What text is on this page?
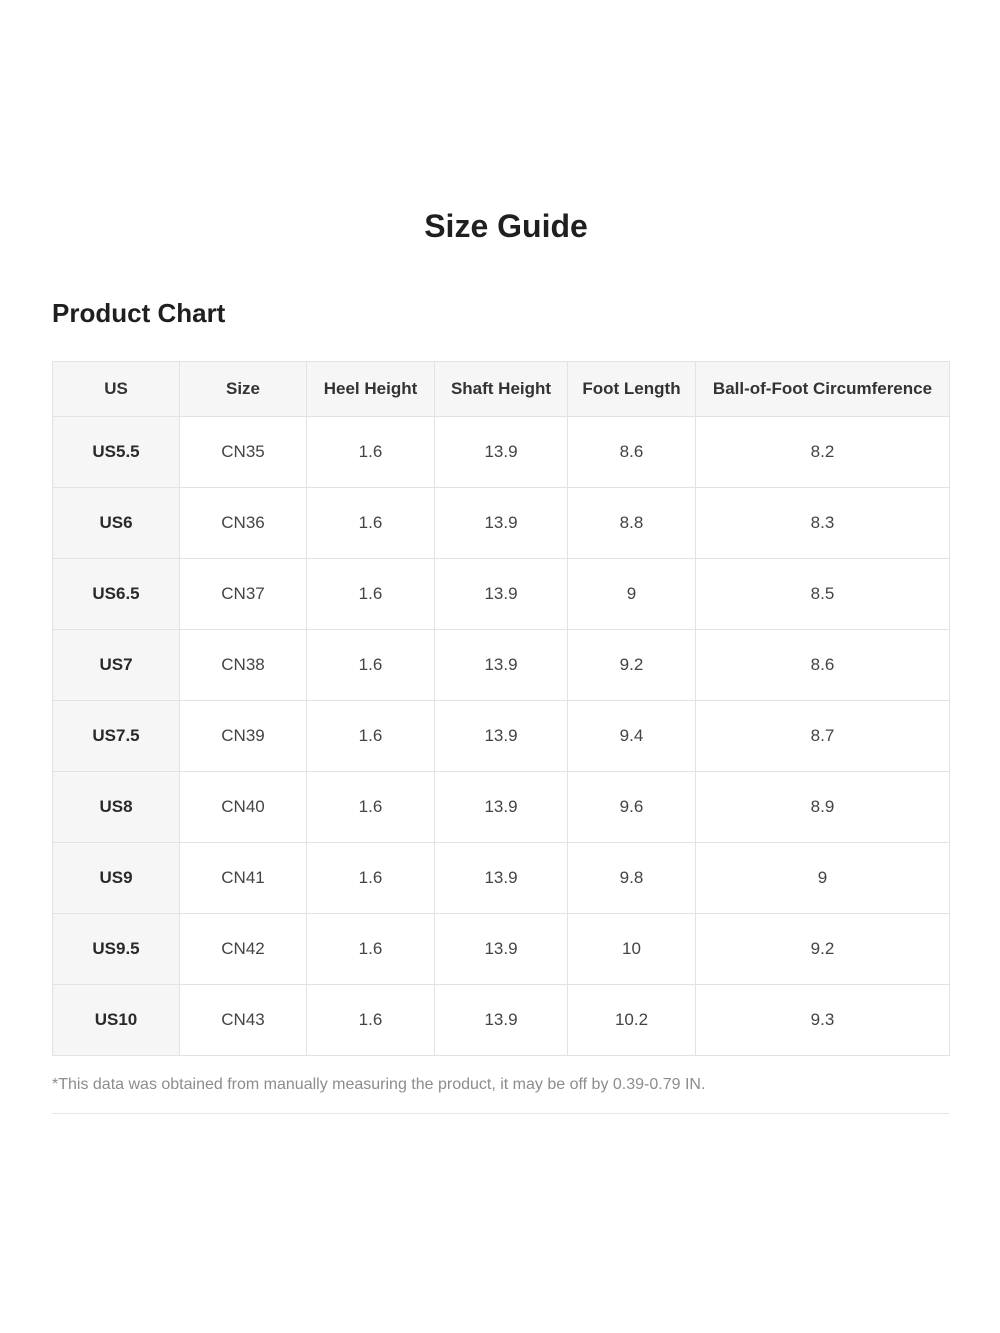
Size Guide
Product Chart
US	Size	Heel Height	Shaft Height	Foot Length	Ball-of-Foot Circumference
US5.5	CN35	1.6	13.9	8.6	8.2
US6	CN36	1.6	13.9	8.8	8.3
US6.5	CN37	1.6	13.9	9	8.5
US7	CN38	1.6	13.9	9.2	8.6
US7.5	CN39	1.6	13.9	9.4	8.7
US8	CN40	1.6	13.9	9.6	8.9
US9	CN41	1.6	13.9	9.8	9
US9.5	CN42	1.6	13.9	10	9.2
US10	CN43	1.6	13.9	10.2	9.3

*This data was obtained from manually measuring the product, it may be off by 0.39-0.79 IN.
